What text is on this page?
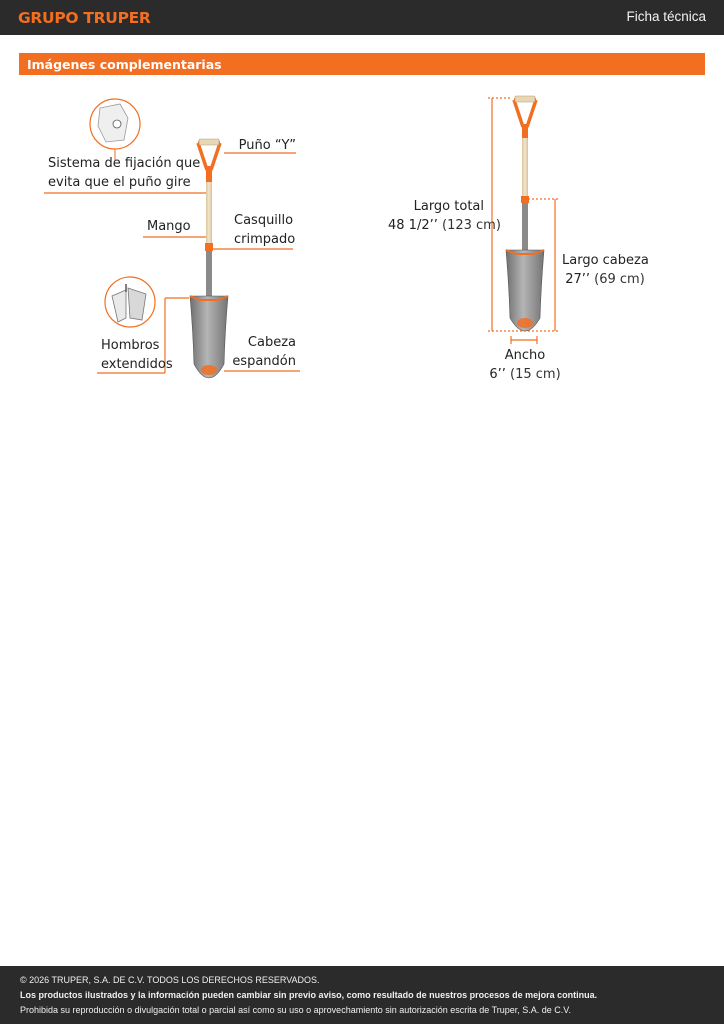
GRUPO TRUPER	Ficha técnica
Imágenes complementarias
Puño “Y”
Sistema de fijación que
evita que el puño gire
Mango	Casquillo
crimpado
Hombros
extendidos
Cabeza
espandón
Largo total
48 1/2’’ (123 cm)
Largo cabeza
27’’ (69 cm)
Ancho
6’’ (15 cm)
© 2026 TRUPER, S.A. DE C.V. TODOS LOS DERECHOS RESERVADOS.
Los productos ilustrados y la información pueden cambiar sin previo aviso, como resultado de nuestros procesos de mejora continua.
Prohibida su reproducción o divulgación total o parcial así como su uso o aprovechamiento sin autorización escrita de Truper, S.A. de C.V.
